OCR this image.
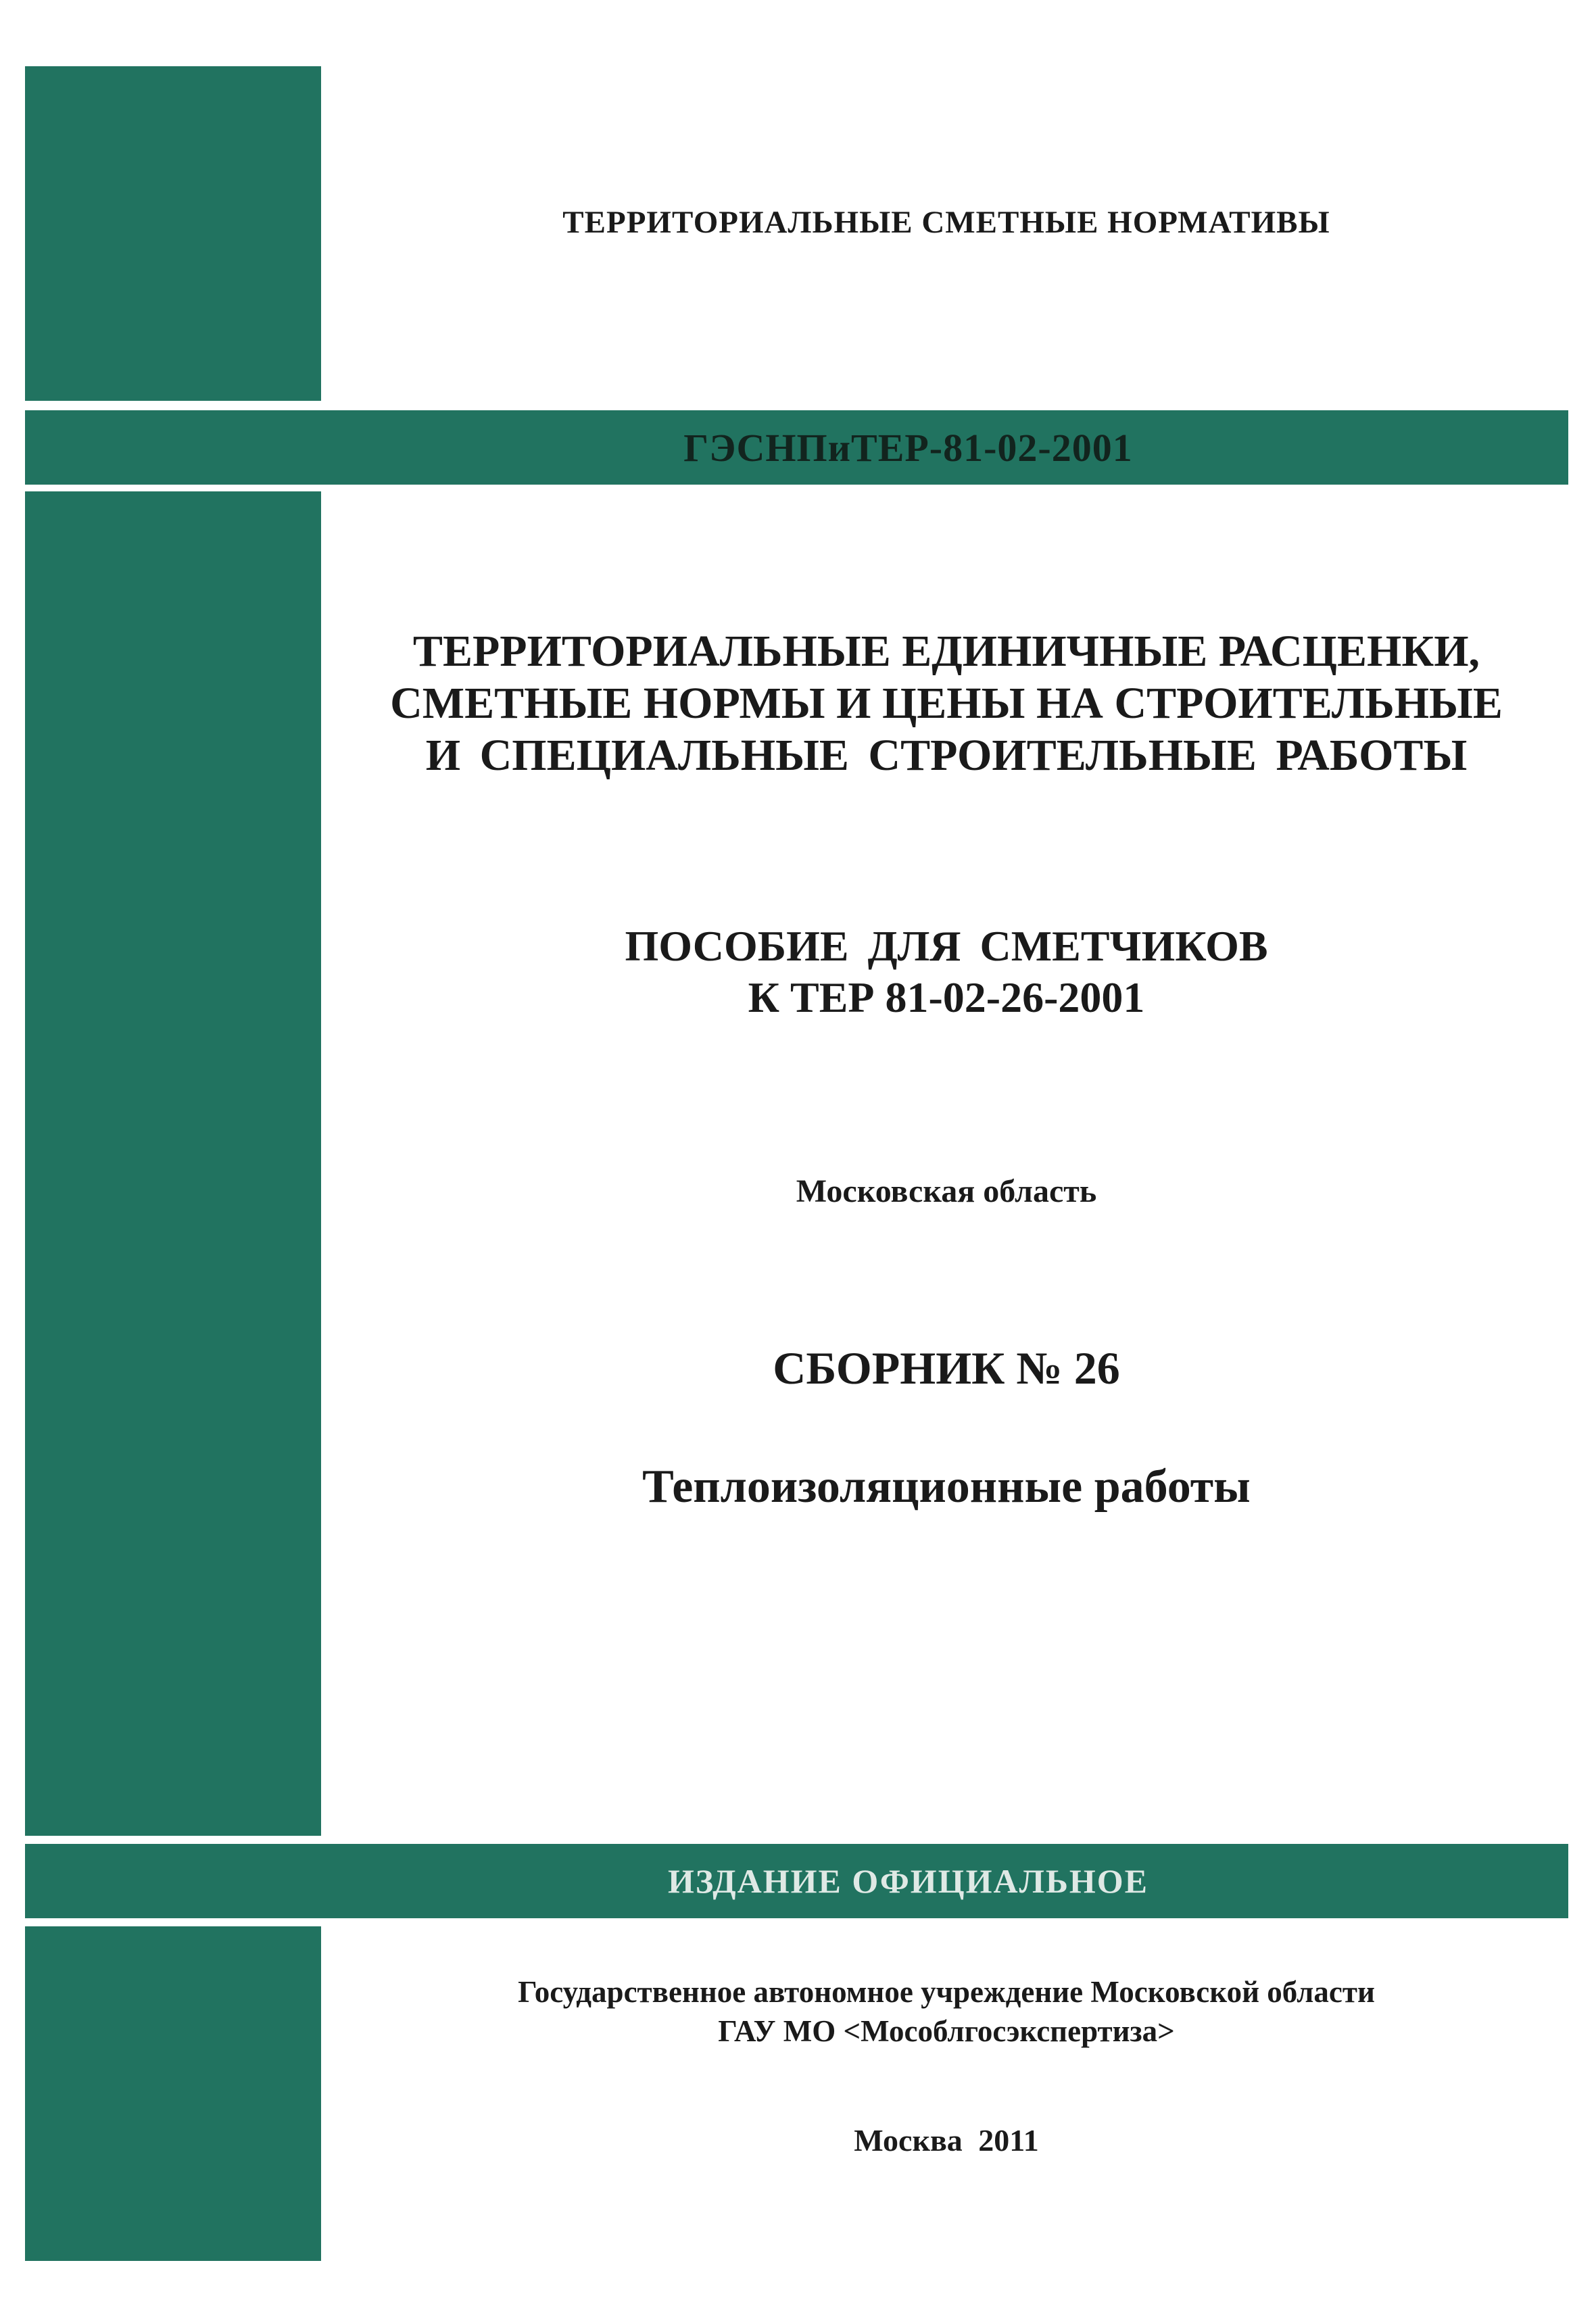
ТЕРРИТОРИАЛЬНЫЕ СМЕТНЫЕ НОРМАТИВЫ
ГЭСНПиТЕР-81-02-2001
ТЕРРИТОРИАЛЬНЫЕ ЕДИНИЧНЫЕ РАСЦЕНКИ,
СМЕТНЫЕ НОРМЫ И ЦЕНЫ НА СТРОИТЕЛЬНЫЕ
И СПЕЦИАЛЬНЫЕ СТРОИТЕЛЬНЫЕ РАБОТЫ
ПОСОБИЕ ДЛЯ СМЕТЧИКОВ
К ТЕР 81-02-26-2001
Московская область
СБОРНИК № 26
Теплоизоляционные работы
ИЗДАНИЕ ОФИЦИАЛЬНОЕ
Государственное автономное учреждение Московской области
ГАУ МО <Мособлгосэкспертиза>
Москва 2011
